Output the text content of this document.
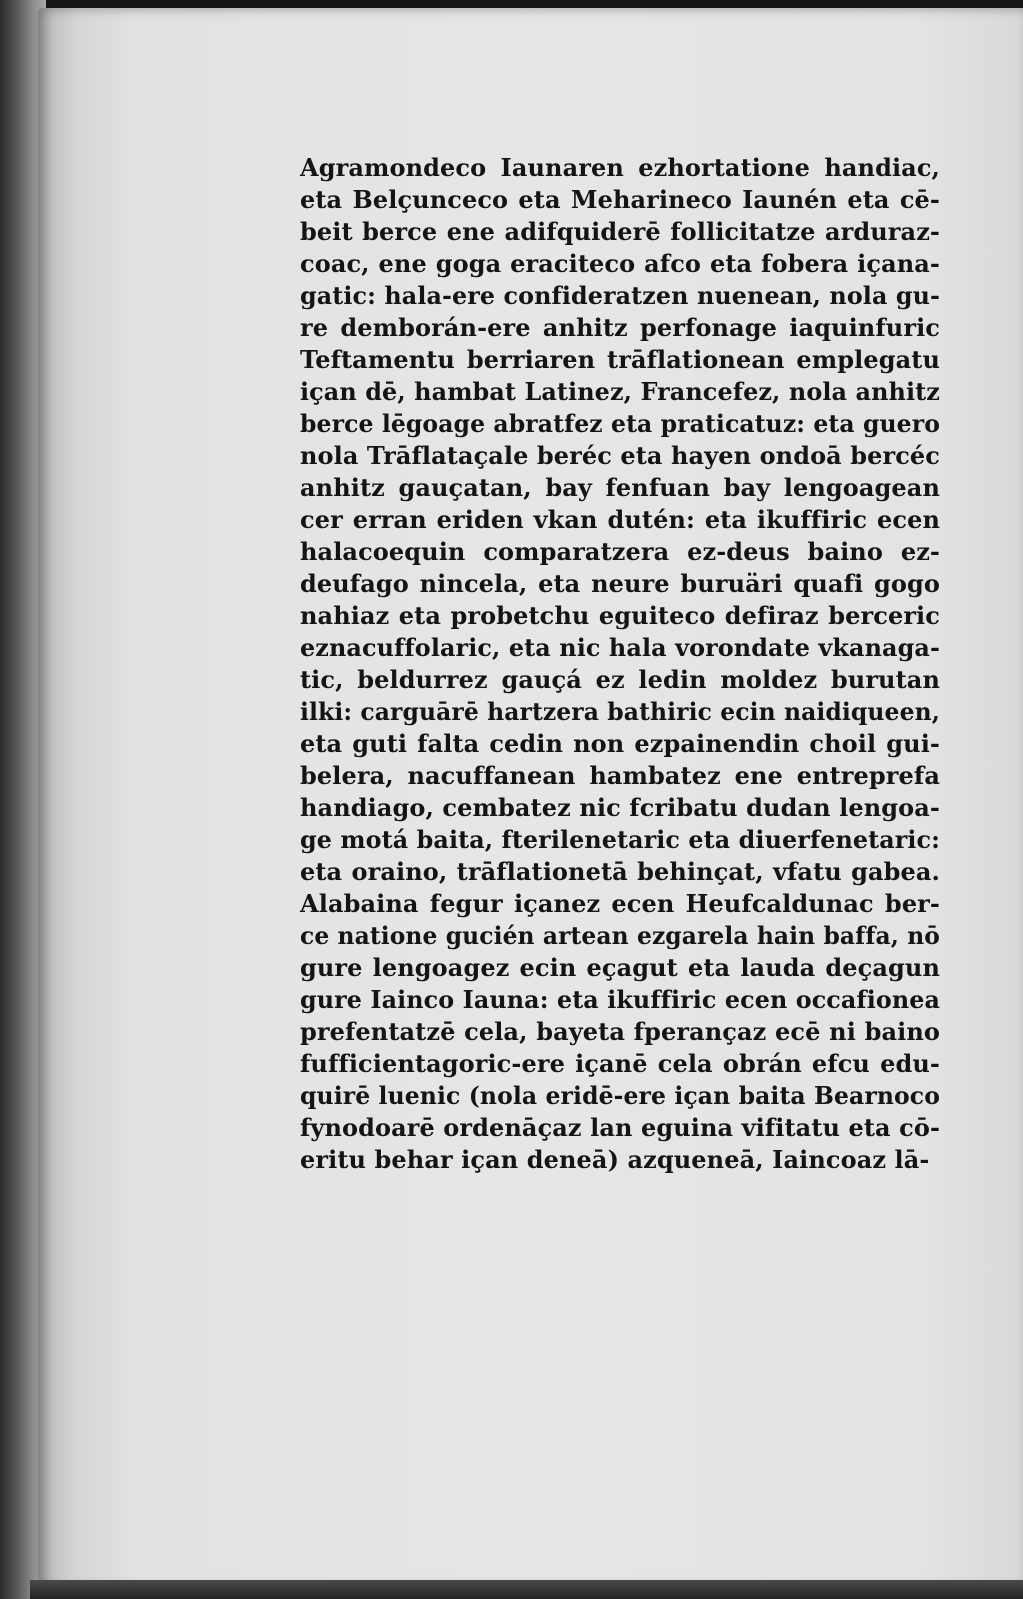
Agramondeco Iaunaren ezhortatione handiac,
eta Belçunceco eta Meharineco Iaunén eta cē-
beit berce ene adifquiderē follicitatze arduraz-
coac, ene goga eraciteco afco eta fobera içana-
gatic: hala-ere confideratzen nuenean, nola gu-
re demborán-ere anhitz perfonage iaquinfuric
Teftamentu berriaren trāflationean emplegatu
içan dē, hambat Latinez, Francefez, nola anhitz
berce lēgoage abratfez eta praticatuz: eta guero
nola Trāflataçale beréc eta hayen ondoā bercéc
anhitz gauçatan, bay fenfuan bay lengoagean
cer erran eriden vkan dutén: eta ikuffiric ecen
halacoequin comparatzera ez-deus baino ez-
deufago nincela, eta neure buruäri quafi gogo
nahiaz eta probetchu eguiteco defiraz berceric
eznacuffolaric, eta nic hala vorondate vkanaga-
tic, beldurrez gauçá ez ledin moldez burutan
ilki: carguārē hartzera bathiric ecin naidiqueen,
eta guti falta cedin non ezpainendin choil gui-
belera, nacuffanean hambatez ene entreprefa
handiago, cembatez nic fcribatu dudan lengoa-
ge motá baita, fterilenetaric eta diuerfenetaric:
eta oraino, trāflationetā behinçat, vfatu gabea.
Alabaina fegur içanez ecen Heufcaldunac ber-
ce natione gucién artean ezgarela hain baffa, nō
gure lengoagez ecin eçagut eta lauda deçagun
gure Iainco Iauna: eta ikuffiric ecen occafionea
prefentatzē cela, bayeta fperançaz ecē ni baino
fufficientagoric-ere içanē cela obrán efcu edu-
quirē luenic (nola eridē-ere içan baita Bearnoco
fynodoarē ordenāçaz lan eguina vifitatu eta cō-
eritu behar içan deneā) azqueneā, Iaincoaz lā-
